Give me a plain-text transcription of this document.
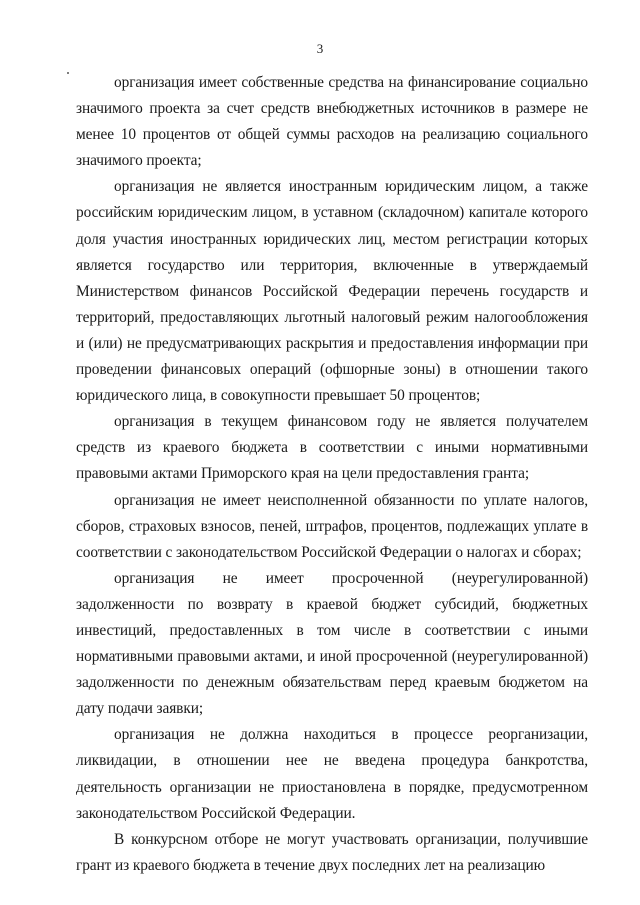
3

организация имеет собственные средства на финансирование социально значимого проекта за счет средств внебюджетных источников в размере не менее 10 процентов от общей суммы расходов на реализацию социального значимого проекта;

организация не является иностранным юридическим лицом, а также российским юридическим лицом, в уставном (складочном) капитале которого доля участия иностранных юридических лиц, местом регистрации которых является государство или территория, включенные в утверждаемый Министерством финансов Российской Федерации перечень государств и территорий, предоставляющих льготный налоговый режим налогообложения и (или) не предусматривающих раскрытия и предоставления информации при проведении финансовых операций (офшорные зоны) в отношении такого юридического лица, в совокупности превышает 50 процентов;

организация в текущем финансовом году не является получателем средств из краевого бюджета в соответствии с иными нормативными правовыми актами Приморского края на цели предоставления гранта;

организация не имеет неисполненной обязанности по уплате налогов, сборов, страховых взносов, пеней, штрафов, процентов, подлежащих уплате в соответствии с законодательством Российской Федерации о налогах и сборах;

организация не имеет просроченной (неурегулированной) задолженности по возврату в краевой бюджет субсидий, бюджетных инвестиций, предоставленных в том числе в соответствии с иными нормативными правовыми актами, и иной просроченной (неурегулированной) задолженности по денежным обязательствам перед краевым бюджетом на дату подачи заявки;

организация не должна находиться в процессе реорганизации, ликвидации, в отношении нее не введена процедура банкротства, деятельность организации не приостановлена в порядке, предусмотренном законодательством Российской Федерации.

В конкурсном отборе не могут участвовать организации, получившие грант из краевого бюджета в течение двух последних лет на реализацию
